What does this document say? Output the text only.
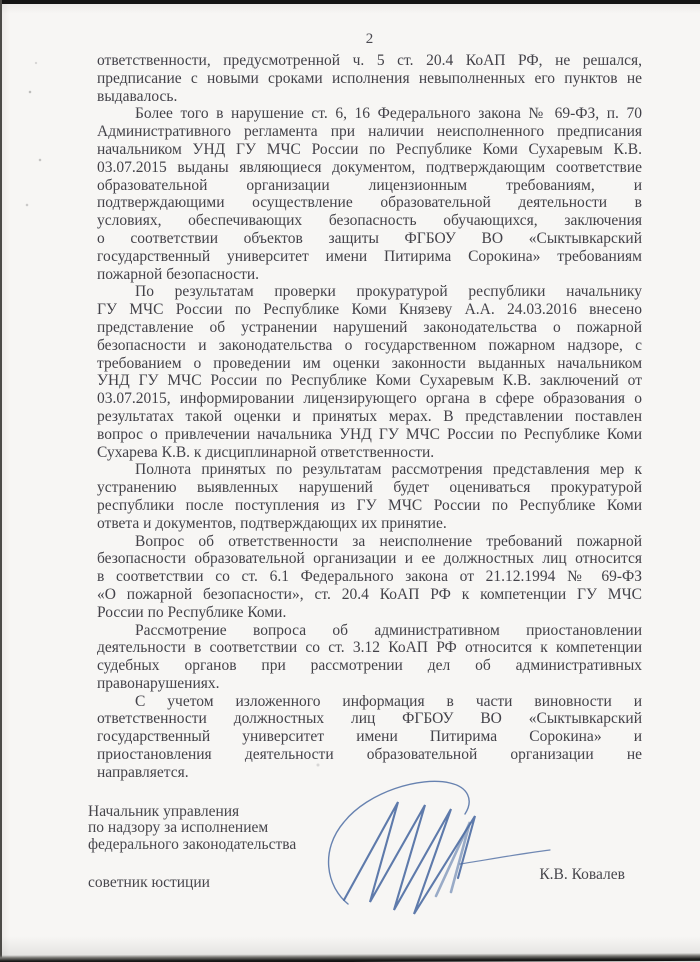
2
ответственности, предусмотренной ч. 5 ст. 20.4 КоАП РФ, не решался,
предписание с новыми сроками исполнения невыполненных его пунктов не
выдавалось.
Более того в нарушение ст. 6, 16 Федерального закона № 69-ФЗ, п. 70
Административного регламента при наличии неисполненного предписания
начальником УНД ГУ МЧС России по Республике Коми Сухаревым К.В.
03.07.2015 выданы являющиеся документом, подтверждающим соответствие
образовательной организации лицензионным требованиям, и
подтверждающими осуществление образовательной деятельности в
условиях, обеспечивающих безопасность обучающихся, заключения
о соответствии объектов защиты ФГБОУ ВО «Сыктывкарский
государственный университет имени Питирима Сорокина» требованиям
пожарной безопасности.
По результатам проверки прокуратурой республики начальнику
ГУ МЧС России по Республике Коми Князеву А.А. 24.03.2016 внесено
представление об устранении нарушений законодательства о пожарной
безопасности и законодательства о государственном пожарном надзоре, с
требованием о проведении им оценки законности выданных начальником
УНД ГУ МЧС России по Республике Коми Сухаревым К.В. заключений от
03.07.2015, информировании лицензирующего органа в сфере образования о
результатах такой оценки и принятых мерах. В представлении поставлен
вопрос о привлечении начальника УНД ГУ МЧС России по Республике Коми
Сухарева К.В. к дисциплинарной ответственности.
Полнота принятых по результатам рассмотрения представления мер к
устранению выявленных нарушений будет оцениваться прокуратурой
республики после поступления из ГУ МЧС России по Республике Коми
ответа и документов, подтверждающих их принятие.
Вопрос об ответственности за неисполнение требований пожарной
безопасности образовательной организации и ее должностных лиц относится
в соответствии со ст. 6.1 Федерального закона от 21.12.1994 № 69-ФЗ
«О пожарной безопасности», ст. 20.4 КоАП РФ к компетенции ГУ МЧС
России по Республике Коми.
Рассмотрение вопроса об административном приостановлении
деятельности в соответствии со ст. 3.12 КоАП РФ относится к компетенции
судебных органов при рассмотрении дел об административных
правонарушениях.
С учетом изложенного информация в части виновности и
ответственности должностных лиц ФГБОУ ВО «Сыктывкарский
государственный университет имени Питирима Сорокина» и
приостановления деятельности образовательной организации не
направляется.
Начальник управления
по надзору за исполнением
федерального законодательства
советник юстиции	К.В. Ковалев
